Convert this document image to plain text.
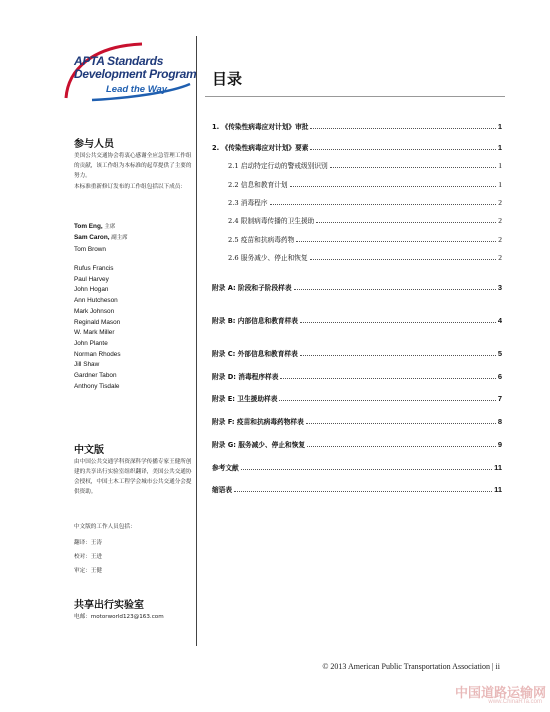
APTA Standards
Development Program
Lead the Way
参与人员
美国公共交通协会将衷心感谢全应急管理工作组的贡献，该工作组为本标准的起草提供了主要的努力。
本标准重新修订发布的工作组包括以下成员：
Tom Eng, 主席
Sam Caron, 副主席
Tom Brown
Rufus Francis
Paul Harvey
John Hogan
Ann Hutcheson
Mark Johnson
Reginald Mason
W. Mark Miller
John Plante
Norman Rhodes
Jill Shaw
Gardner Tabon
Anthony Tisdale
中文版
由中国公共交通学科资深科学传播专家王健所创建的共享出行实验室组织翻译，美国公共交通协会授权，中国土木工程学会城市公共交通分会提供资助。
中文版的工作人员包括：
翻译：王涛
校对：王进
审定：王健
共享出行实验室
电邮：motorworld123@163.com
目录
1. 《传染性病毒应对计划》审批	1
2. 《传染性病毒应对计划》要素	1
2.1 启动特定行动的警戒级别识别	1
2.2 信息和教育计划	1
2.3 消毒程序	2
2.4 限制病毒传播的卫生援助	2
2.5 疫苗和抗病毒药物	2
2.6 服务减少、停止和恢复	2
附录 A: 阶段和子阶段样表	3
附录 B: 内部信息和教育样表	4
附录 C: 外部信息和教育样表	5
附录 D: 消毒程序样表	6
附录 E: 卫生援助样表	7
附录 F: 疫苗和抗病毒药物样表	8
附录 G: 服务减少、停止和恢复	9
参考文献	11
缩语表	11
© 2013 American Public Transportation Association | ii
中国道路运输网
www.ChinaRTa.com
